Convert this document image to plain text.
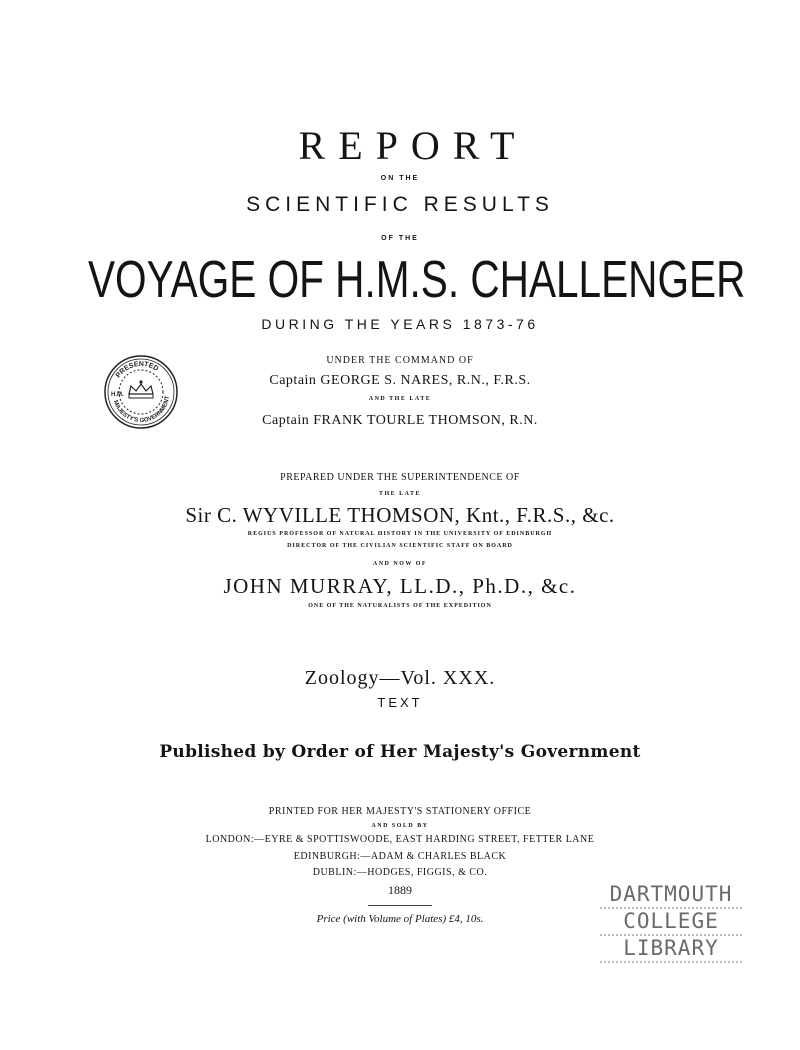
REPORT
ON THE
SCIENTIFIC RESULTS
OF THE
VOYAGE OF H.M.S. CHALLENGER
DURING THE YEARS 1873-76
PRESENTED
MAJESTY'S GOVERNMENT
H.M.
UNDER THE COMMAND OF
Captain GEORGE S. NARES, R.N., F.R.S.
AND THE LATE
Captain FRANK TOURLE THOMSON, R.N.
PREPARED UNDER THE SUPERINTENDENCE OF
THE LATE
Sir C. WYVILLE THOMSON, Knt., F.R.S., &c.
REGIUS PROFESSOR OF NATURAL HISTORY IN THE UNIVERSITY OF EDINBURGH
DIRECTOR OF THE CIVILIAN SCIENTIFIC STAFF ON BOARD
AND NOW OF
JOHN MURRAY, LL.D., Ph.D., &c.
ONE OF THE NATURALISTS OF THE EXPEDITION
Zoology—Vol. XXX.
TEXT
Published by Order of Her Majesty's Government
PRINTED FOR HER MAJESTY'S STATIONERY OFFICE
AND SOLD BY
LONDON:—EYRE & SPOTTISWOODE, EAST HARDING STREET, FETTER LANE
EDINBURGH:—ADAM & CHARLES BLACK
DUBLIN:—HODGES, FIGGIS, & CO.
1889
Price (with Volume of Plates) £4, 10s.
DARTMOUTH
COLLEGE
LIBRARY
